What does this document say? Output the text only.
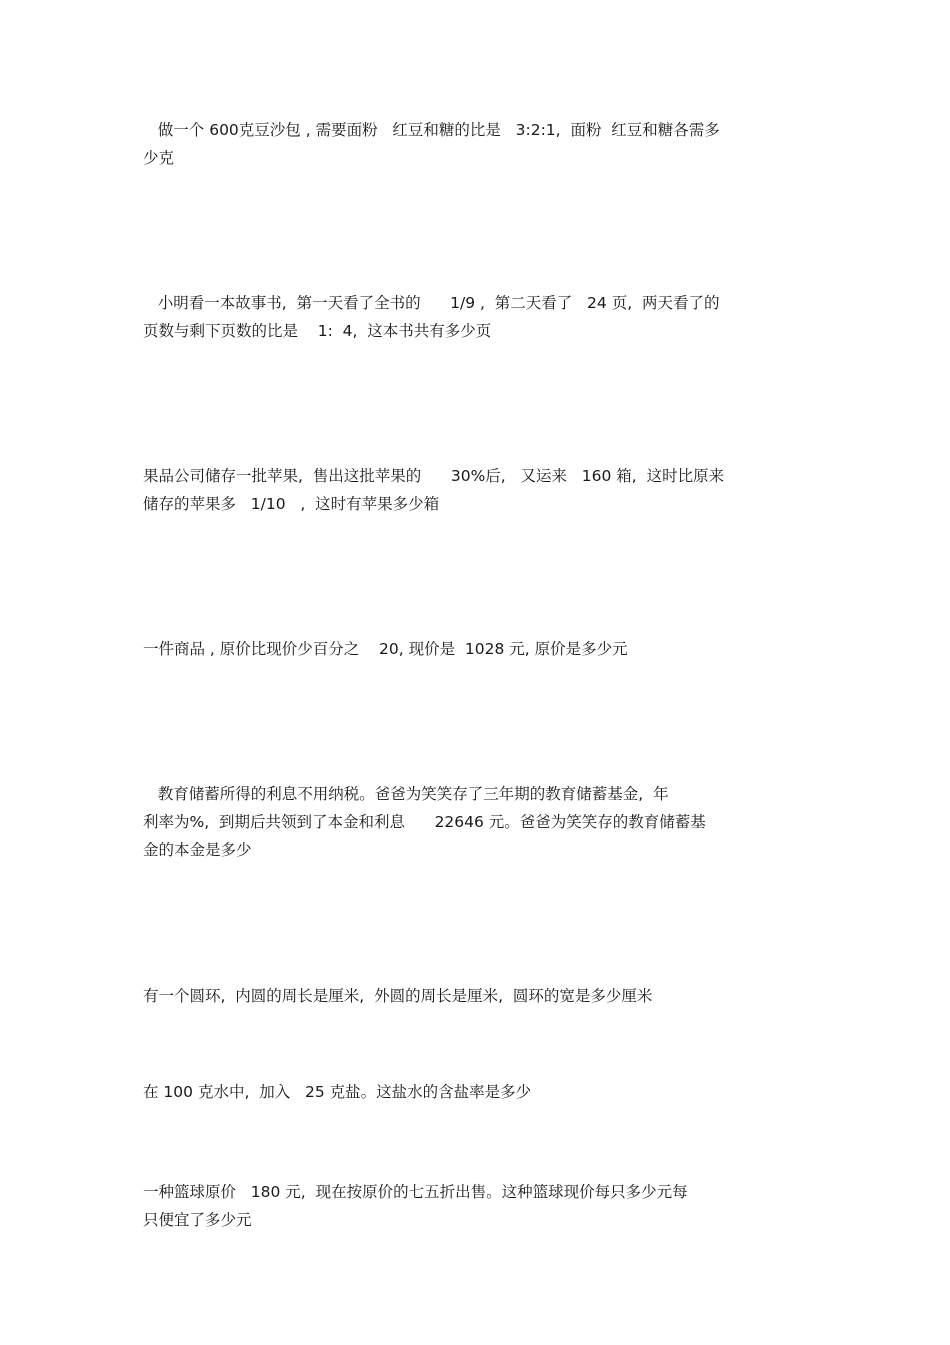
做一个 600克豆沙包 , 需要面粉   红豆和糖的比是   3:2:1,  面粉  红豆和糖各需多
少克

小明看一本故事书,  第一天看了全书的      1/9 ,  第二天看了   24 页,  两天看了的
页数与剩下页数的比是    1:  4,  这本书共有多少页

果品公司储存一批苹果,  售出这批苹果的      30%后,   又运来   160 箱,  这时比原来
储存的苹果多   1/10   ,  这时有苹果多少箱

一件商品 , 原价比现价少百分之    20, 现价是  1028 元, 原价是多少元

教育储蓄所得的利息不用纳税。爸爸为笑笑存了三年期的教育储蓄基金,  年
利率为%,  到期后共领到了本金和利息      22646 元。爸爸为笑笑存的教育储蓄基
金的本金是多少

有一个圆环,  内圆的周长是厘米,  外圆的周长是厘米,  圆环的宽是多少厘米

在 100 克水中,  加入   25 克盐。这盐水的含盐率是多少

一种篮球原价   180 元,  现在按原价的七五折出售。这种篮球现价每只多少元每
只便宜了多少元
